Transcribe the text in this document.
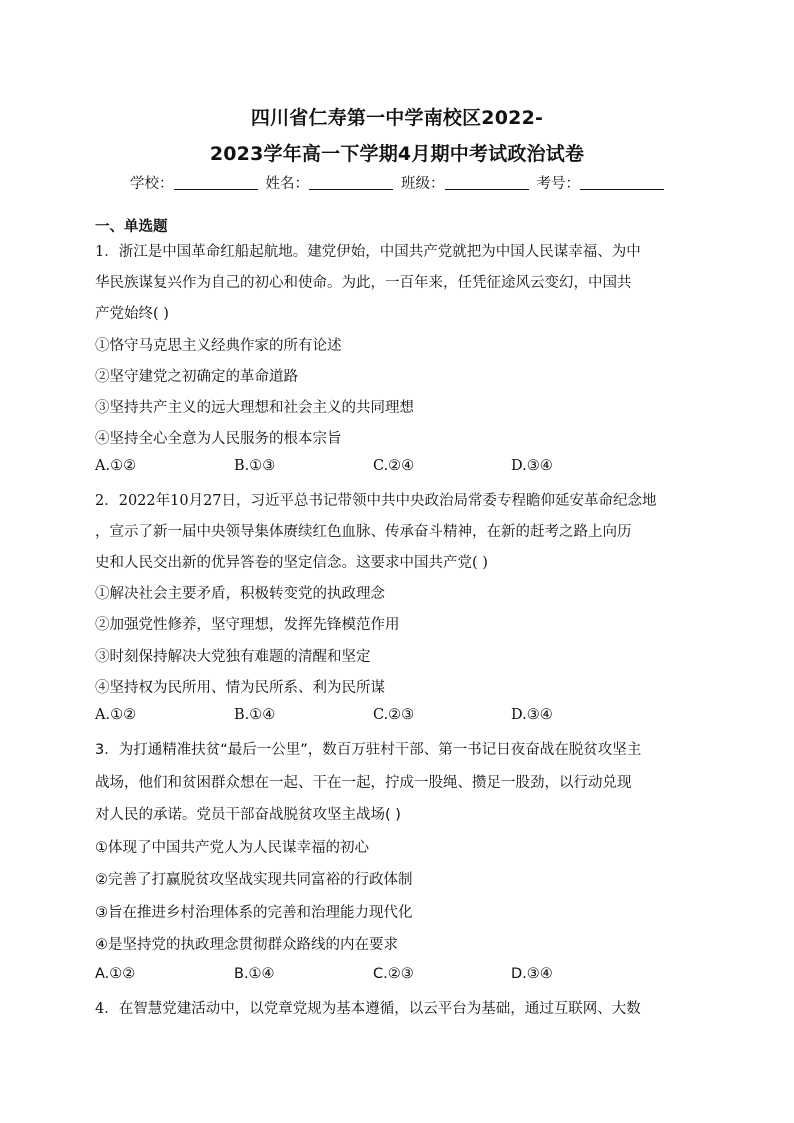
四川省仁寿第一中学南校区2022-
2023学年高一下学期4月期中考试政治试卷
学校：	姓名：	班级：	考号：
一、单选题
1．浙江是中国革命红船起航地。建党伊始，中国共产党就把为中国人民谋幸福、为中
华民族谋复兴作为自己的初心和使命。为此，一百年来，任凭征途风云变幻，中国共
产党始终( )
①恪守马克思主义经典作家的所有论述
②坚守建党之初确定的革命道路
③坚持共产主义的远大理想和社会主义的共同理想
④坚持全心全意为人民服务的根本宗旨
A.①②	B.①③	C.②④	D.③④
2．2022年10月27日，习近平总书记带领中共中央政治局常委专程瞻仰延安革命纪念地
，宣示了新一届中央领导集体赓续红色血脉、传承奋斗精神，在新的赶考之路上向历
史和人民交出新的优异答卷的坚定信念。这要求中国共产党( )
①解决社会主要矛盾，积极转变党的执政理念
②加强党性修养，坚守理想，发挥先锋模范作用
③时刻保持解决大党独有难题的清醒和坚定
④坚持权为民所用、情为民所系、利为民所谋
A.①②	B.①④	C.②③	D.③④
3．为打通精准扶贫“最后一公里”，数百万驻村干部、第一书记日夜奋战在脱贫攻坚主
战场，他们和贫困群众想在一起、干在一起，拧成一股绳、攒足一股劲，以行动兑现
对人民的承诺。党员干部奋战脱贫攻坚主战场( )
①体现了中国共产党人为人民谋幸福的初心
②完善了打赢脱贫攻坚战实现共同富裕的行政体制
③旨在推进乡村治理体系的完善和治理能力现代化
④是坚持党的执政理念贯彻群众路线的内在要求
A.①②	B.①④	C.②③	D.③④
4．在智慧党建活动中，以党章党规为基本遵循，以云平台为基础，通过互联网、大数
